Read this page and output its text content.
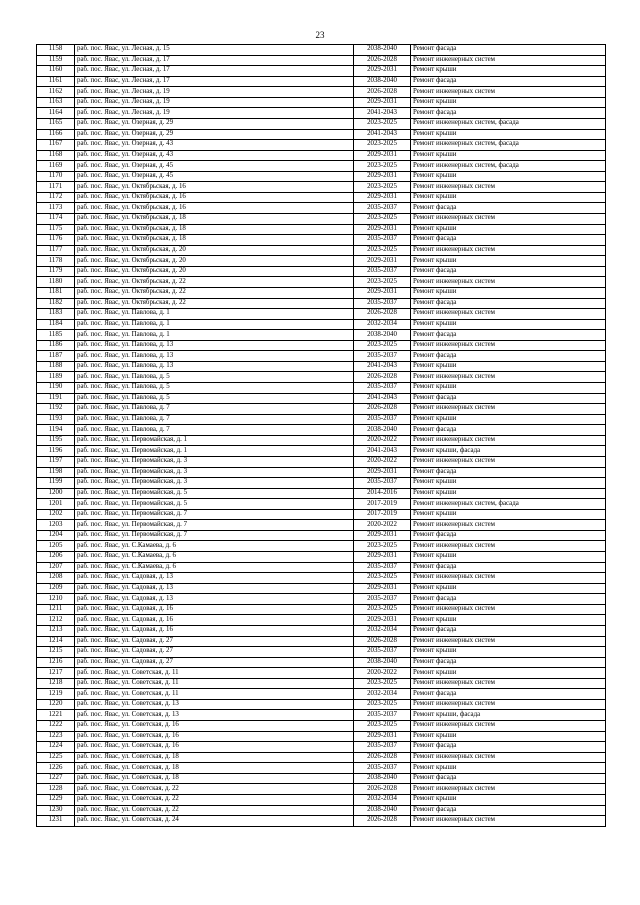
23
1158	раб. пос. Явас, ул. Лесная, д. 15	2038-2040	Ремонт фасада
1159	раб. пос. Явас, ул. Лесная, д. 17	2026-2028	Ремонт инженерных систем
1160	раб. пос. Явас, ул. Лесная, д. 17	2029-2031	Ремонт крыши
1161	раб. пос. Явас, ул. Лесная, д. 17	2038-2040	Ремонт фасада
1162	раб. пос. Явас, ул. Лесная, д. 19	2026-2028	Ремонт инженерных систем
1163	раб. пос. Явас, ул. Лесная, д. 19	2029-2031	Ремонт крыши
1164	раб. пос. Явас, ул. Лесная, д. 19	2041-2043	Ремонт фасада
1165	раб. пос. Явас, ул. Озерная, д. 29	2023-2025	Ремонт инженерных систем, фасада
1166	раб. пос. Явас, ул. Озерная, д. 29	2041-2043	Ремонт крыши
1167	раб. пос. Явас, ул. Озерная, д. 43	2023-2025	Ремонт инженерных систем, фасада
1168	раб. пос. Явас, ул. Озерная, д. 43	2029-2031	Ремонт крыши
1169	раб. пос. Явас, ул. Озерная, д. 45	2023-2025	Ремонт инженерных систем, фасада
1170	раб. пос. Явас, ул. Озерная, д. 45	2029-2031	Ремонт крыши
1171	раб. пос. Явас, ул. Октябрьская, д. 16	2023-2025	Ремонт инженерных систем
1172	раб. пос. Явас, ул. Октябрьская, д. 16	2029-2031	Ремонт крыши
1173	раб. пос. Явас, ул. Октябрьская, д. 16	2035-2037	Ремонт фасада
1174	раб. пос. Явас, ул. Октябрьская, д. 18	2023-2025	Ремонт инженерных систем
1175	раб. пос. Явас, ул. Октябрьская, д. 18	2029-2031	Ремонт крыши
1176	раб. пос. Явас, ул. Октябрьская, д. 18	2035-2037	Ремонт фасада
1177	раб. пос. Явас, ул. Октябрьская, д. 20	2023-2025	Ремонт инженерных систем
1178	раб. пос. Явас, ул. Октябрьская, д. 20	2029-2031	Ремонт крыши
1179	раб. пос. Явас, ул. Октябрьская, д. 20	2035-2037	Ремонт фасада
1180	раб. пос. Явас, ул. Октябрьская, д. 22	2023-2025	Ремонт инженерных систем
1181	раб. пос. Явас, ул. Октябрьская, д. 22	2029-2031	Ремонт крыши
1182	раб. пос. Явас, ул. Октябрьская, д. 22	2035-2037	Ремонт фасада
1183	раб. пос. Явас, ул. Павлова, д. 1	2026-2028	Ремонт инженерных систем
1184	раб. пос. Явас, ул. Павлова, д. 1	2032-2034	Ремонт крыши
1185	раб. пос. Явас, ул. Павлова, д. 1	2038-2040	Ремонт фасада
1186	раб. пос. Явас, ул. Павлова, д. 13	2023-2025	Ремонт инженерных систем
1187	раб. пос. Явас, ул. Павлова, д. 13	2035-2037	Ремонт фасада
1188	раб. пос. Явас, ул. Павлова, д. 13	2041-2043	Ремонт крыши
1189	раб. пос. Явас, ул. Павлова, д. 5	2026-2028	Ремонт инженерных систем
1190	раб. пос. Явас, ул. Павлова, д. 5	2035-2037	Ремонт крыши
1191	раб. пос. Явас, ул. Павлова, д. 5	2041-2043	Ремонт фасада
1192	раб. пос. Явас, ул. Павлова, д. 7	2026-2028	Ремонт инженерных систем
1193	раб. пос. Явас, ул. Павлова, д. 7	2035-2037	Ремонт крыши
1194	раб. пос. Явас, ул. Павлова, д. 7	2038-2040	Ремонт фасада
1195	раб. пос. Явас, ул. Первомайская, д. 1	2020-2022	Ремонт инженерных систем
1196	раб. пос. Явас, ул. Первомайская, д. 1	2041-2043	Ремонт крыши, фасада
1197	раб. пос. Явас, ул. Первомайская, д. 3	2020-2022	Ремонт инженерных систем
1198	раб. пос. Явас, ул. Первомайская, д. 3	2029-2031	Ремонт фасада
1199	раб. пос. Явас, ул. Первомайская, д. 3	2035-2037	Ремонт крыши
1200	раб. пос. Явас, ул. Первомайская, д. 5	2014-2016	Ремонт крыши
1201	раб. пос. Явас, ул. Первомайская, д. 5	2017-2019	Ремонт инженерных систем, фасада
1202	раб. пос. Явас, ул. Первомайская, д. 7	2017-2019	Ремонт крыши
1203	раб. пос. Явас, ул. Первомайская, д. 7	2020-2022	Ремонт инженерных систем
1204	раб. пос. Явас, ул. Первомайская, д. 7	2029-2031	Ремонт фасада
1205	раб. пос. Явас, ул. С.Камаева, д. 6	2023-2025	Ремонт инженерных систем
1206	раб. пос. Явас, ул. С.Камаева, д. 6	2029-2031	Ремонт крыши
1207	раб. пос. Явас, ул. С.Камаева, д. 6	2035-2037	Ремонт фасада
1208	раб. пос. Явас, ул. Садовая, д. 13	2023-2025	Ремонт инженерных систем
1209	раб. пос. Явас, ул. Садовая, д. 13	2029-2031	Ремонт крыши
1210	раб. пос. Явас, ул. Садовая, д. 13	2035-2037	Ремонт фасада
1211	раб. пос. Явас, ул. Садовая, д. 16	2023-2025	Ремонт инженерных систем
1212	раб. пос. Явас, ул. Садовая, д. 16	2029-2031	Ремонт крыши
1213	раб. пос. Явас, ул. Садовая, д. 16	2032-2034	Ремонт фасада
1214	раб. пос. Явас, ул. Садовая, д. 27	2026-2028	Ремонт инженерных систем
1215	раб. пос. Явас, ул. Садовая, д. 27	2035-2037	Ремонт крыши
1216	раб. пос. Явас, ул. Садовая, д. 27	2038-2040	Ремонт фасада
1217	раб. пос. Явас, ул. Советская, д. 11	2020-2022	Ремонт крыши
1218	раб. пос. Явас, ул. Советская, д. 11	2023-2025	Ремонт инженерных систем
1219	раб. пос. Явас, ул. Советская, д. 11	2032-2034	Ремонт фасада
1220	раб. пос. Явас, ул. Советская, д. 13	2023-2025	Ремонт инженерных систем
1221	раб. пос. Явас, ул. Советская, д. 13	2035-2037	Ремонт крыши, фасада
1222	раб. пос. Явас, ул. Советская, д. 16	2023-2025	Ремонт инженерных систем
1223	раб. пос. Явас, ул. Советская, д. 16	2029-2031	Ремонт крыши
1224	раб. пос. Явас, ул. Советская, д. 16	2035-2037	Ремонт фасада
1225	раб. пос. Явас, ул. Советская, д. 18	2026-2028	Ремонт инженерных систем
1226	раб. пос. Явас, ул. Советская, д. 18	2035-2037	Ремонт крыши
1227	раб. пос. Явас, ул. Советская, д. 18	2038-2040	Ремонт фасада
1228	раб. пос. Явас, ул. Советская, д. 22	2026-2028	Ремонт инженерных систем
1229	раб. пос. Явас, ул. Советская, д. 22	2032-2034	Ремонт крыши
1230	раб. пос. Явас, ул. Советская, д. 22	2038-2040	Ремонт фасада
1231	раб. пос. Явас, ул. Советская, д. 24	2026-2028	Ремонт инженерных систем
